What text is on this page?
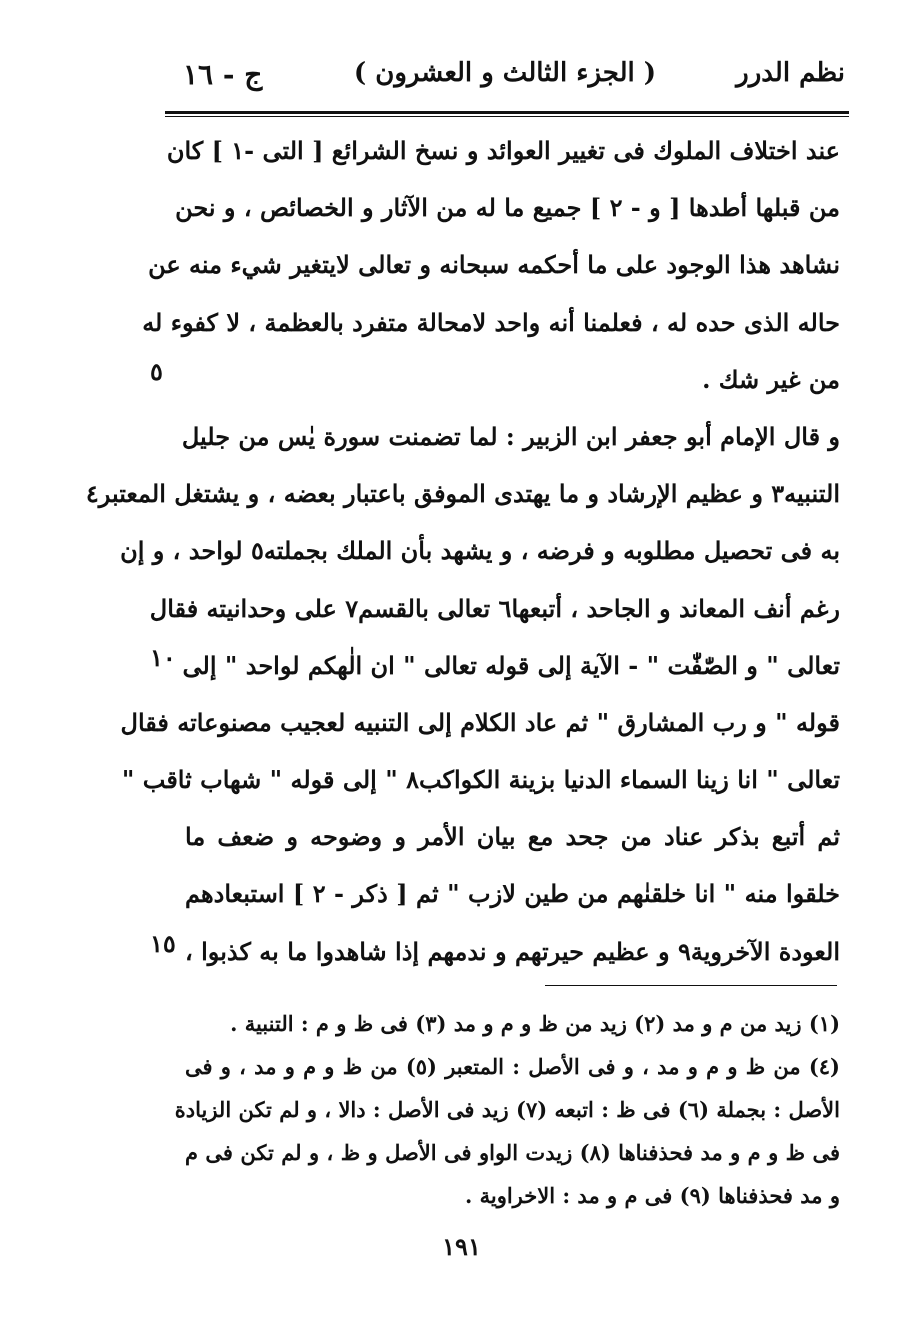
نظم الدرر
( الجزء الثالث و العشرون )
ج - ١٦
عند اختلاف الملوك فى تغيير العوائد و نسخ الشرائع [ التى -١ ] كان
من قبلها أطدها [ و - ٢ ] جميع ما له من الآثار و الخصائص ، و نحن
نشاهد هذا الوجود على ما أحكمه سبحانه و تعالى لايتغير شيء منه عن
حاله الذى حده له ، فعلمنا أنه واحد لامحالة متفرد بالعظمة ، لا كفوء له
من غير شك .
و قال الإمام أبو جعفر ابن الزبير : لما تضمنت سورة يٰس من جليل
التنبيه٣ و عظيم الإرشاد و ما يهتدى الموفق باعتبار بعضه ، و يشتغل المعتبر٤
به فى تحصيل مطلوبه و فرضه ، و يشهد بأن الملك بجملته٥ لواحد ، و إن
رغم أنف المعاند و الجاحد ، أتبعها٦ تعالى بالقسم٧ على وحدانيته فقال
تعالى " و الصّٰفّٰت " - الآية إلى قوله تعالى " ان الٰهكم لواحد " إلى
قوله " و رب المشارق " ثم عاد الكلام إلى التنبيه لعجيب مصنوعاته فقال
تعالى " انا زينا السماء الدنيا بزينة الكواكب٨ " إلى قوله " شهاب ثاقب "
ثم أتبع بذكر عناد من جحد مع بيان الأمر و وضوحه و ضعف ما
خلقوا منه " انا خلقنٰهم من طين لازب " ثم [ ذكر - ٢ ] استبعادهم
العودة الآخروية٩ و عظيم حيرتهم و ندمهم إذا شاهدوا ما به كذبوا ،
٥
١٠
١٥
(١) زيد من م و مد (٢) زيد من ظ و م و مد (٣) فى ظ و م : التنبية .
(٤) من ظ و م و مد ، و فى الأصل : المتعبر (٥) من ظ و م و مد ، و فى
الأصل : بجملة (٦) فى ظ : اتبعه (٧) زيد فى الأصل : دالا ، و لم تكن الزيادة
فى ظ و م و مد فحذفناها (٨) زيدت الواو فى الأصل و ظ ، و لم تكن فى م
و مد فحذفناها (٩) فى م و مد : الاخراوية .
١٩١
